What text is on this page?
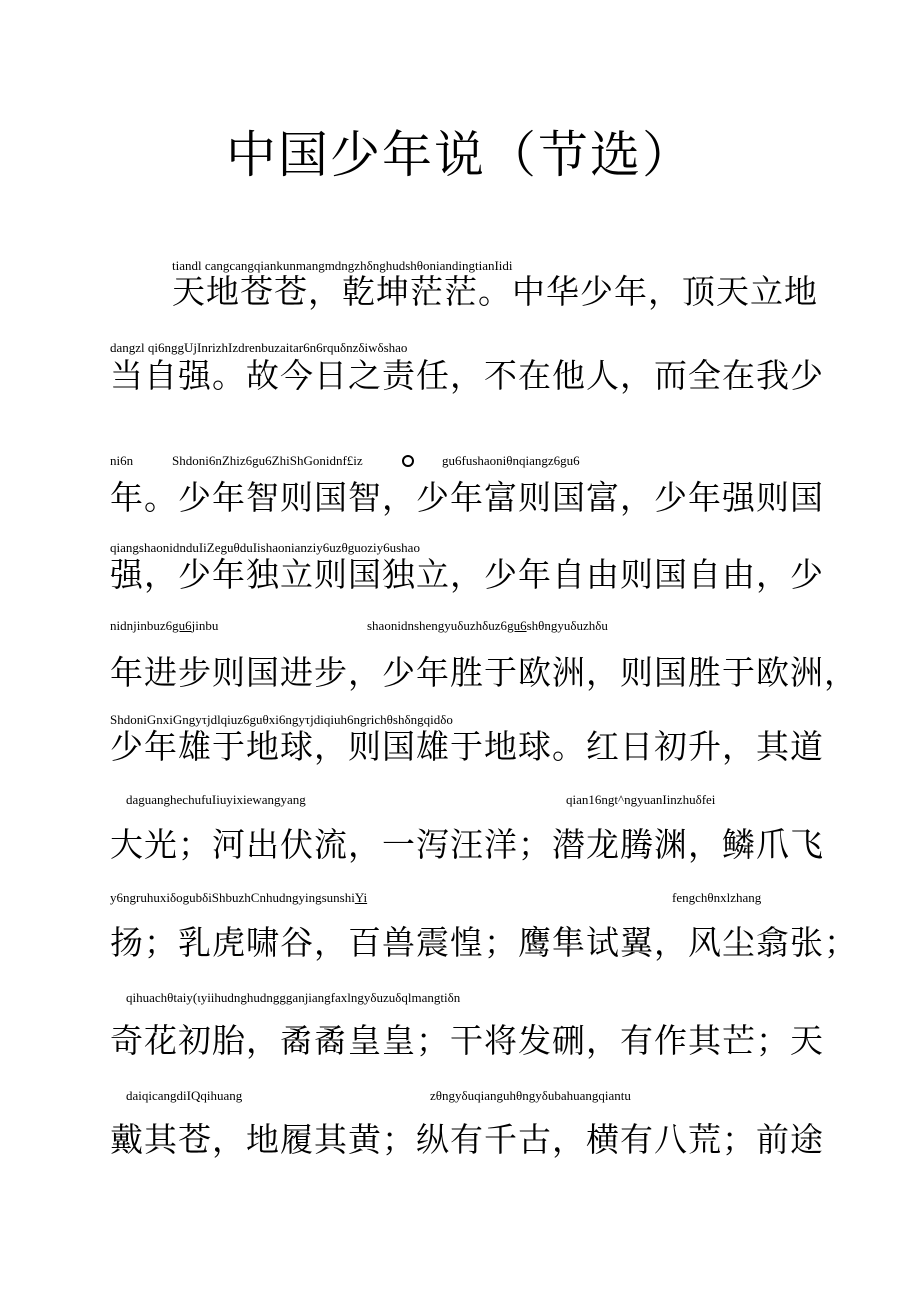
中国少年说（节选）
tiandl cangcangqiankunmangmdngzhδnghudshθoniandingtianIidi
天地苍苍，乾坤茫茫。中华少年，顶天立地
dangzl qi6nggUjInrizhIzdrenbuzaitar6n6rquδnzδiwδshao
当自强。故今日之责任，不在他人，而全在我少
ni6n	Shdoni6nZhiz6gu6ZhiShGonidnf£iz	gu6fushaoniθnqiangz6gu6
年。少年智则国智，少年富则国富，少年强则国
qiangshaonidnduIiZeguθduIishaonianziy6uzθguoziy6ushao
强，少年独立则国独立，少年自由则国自由，少
nidnjinbuz6gu6jinbu	shaonidnshengyuδuzhδuz6gu6shθngyuδuzhδu
年进步则国进步，少年胜于欧洲，则国胜于欧洲，
ShdoniGnxiGngyτjdlqiuz6guθxi6ngyτjdiqiuh6ngrichθshδngqidδo
少年雄于地球，则国雄于地球。红日初升，其道
daguanghechufuIiuyixiewangyang	qian16ngt^ngyuanIinzhuδfei
大光；河出伏流，一泻汪洋；潜龙腾渊，鳞爪飞
y6ngruhuxiδogubδiShbuzhCnhudngyingsunshiYi	fengchθnxlzhang
扬；乳虎啸谷，百兽震惶；鹰隼试翼，风尘翕张；
qihuachθtaiy(ιyiihudnghudnggganjiangfaxlngyδuzuδqlmangtiδn
奇花初胎，矞矞皇皇；干将发硎，有作其芒；天
daiqicangdiIQqihuang	zθngyδuqianguhθngyδubahuangqiantu
戴其苍，地履其黄；纵有千古，横有八荒；前途
